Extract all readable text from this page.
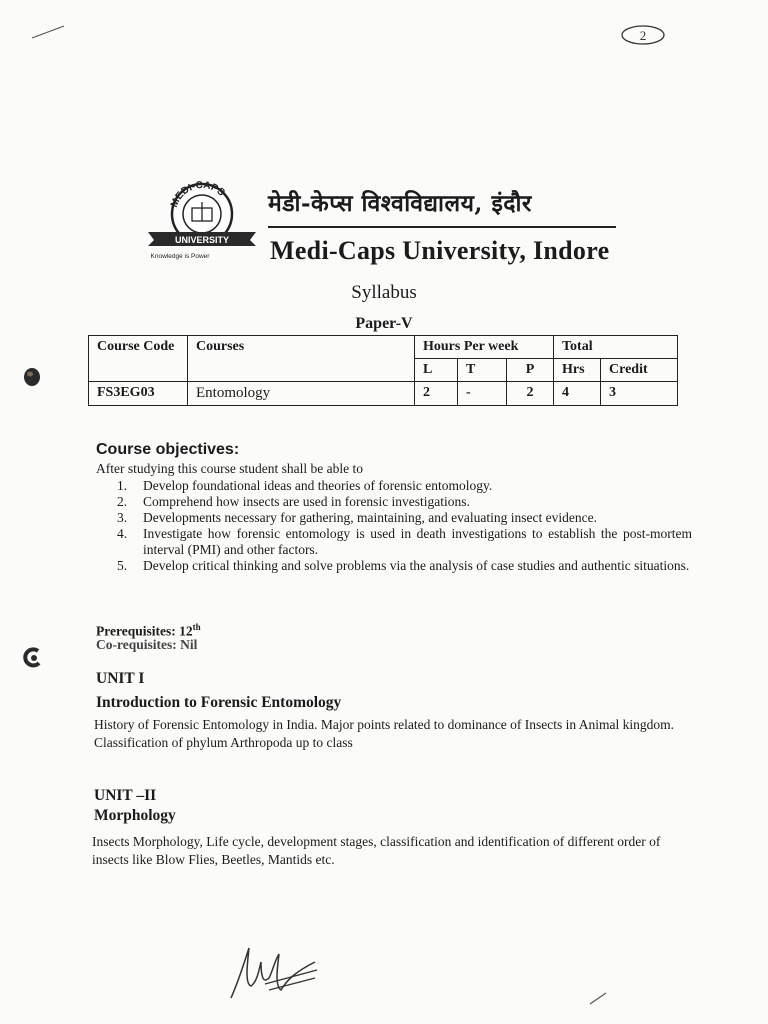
2
MEDI-CAPS
UNIVERSITY
Knowledge is Power
मेडी-केप्स विश्वविद्यालय, इंदौर
Medi-Caps University, Indore
Syllabus
Paper-V
Course Code	Courses	Hours Per week			Total	
		L	T	P	Hrs	Credit
FS3EG03	Entomology	2	-	2	4	3
Course objectives:
After studying this course student shall be able to
1. Develop foundational ideas and theories of forensic entomology.
2. Comprehend how insects are used in forensic investigations.
3. Developments necessary for gathering, maintaining, and evaluating insect evidence.
4. Investigate how forensic entomology is used in death investigations to establish the post-mortem interval (PMI) and other factors.
5. Develop critical thinking and solve problems via the analysis of case studies and authentic situations.
Prerequisites: 12th
Co-requisites: Nil
UNIT I
Introduction to Forensic Entomology
History of Forensic Entomology in India. Major points related to dominance of Insects in Animal kingdom. Classification of phylum Arthropoda up to class
UNIT –II
Morphology
Insects Morphology, Life cycle, development stages, classification and identification of different order of insects like Blow Flies, Beetles, Mantids etc.
